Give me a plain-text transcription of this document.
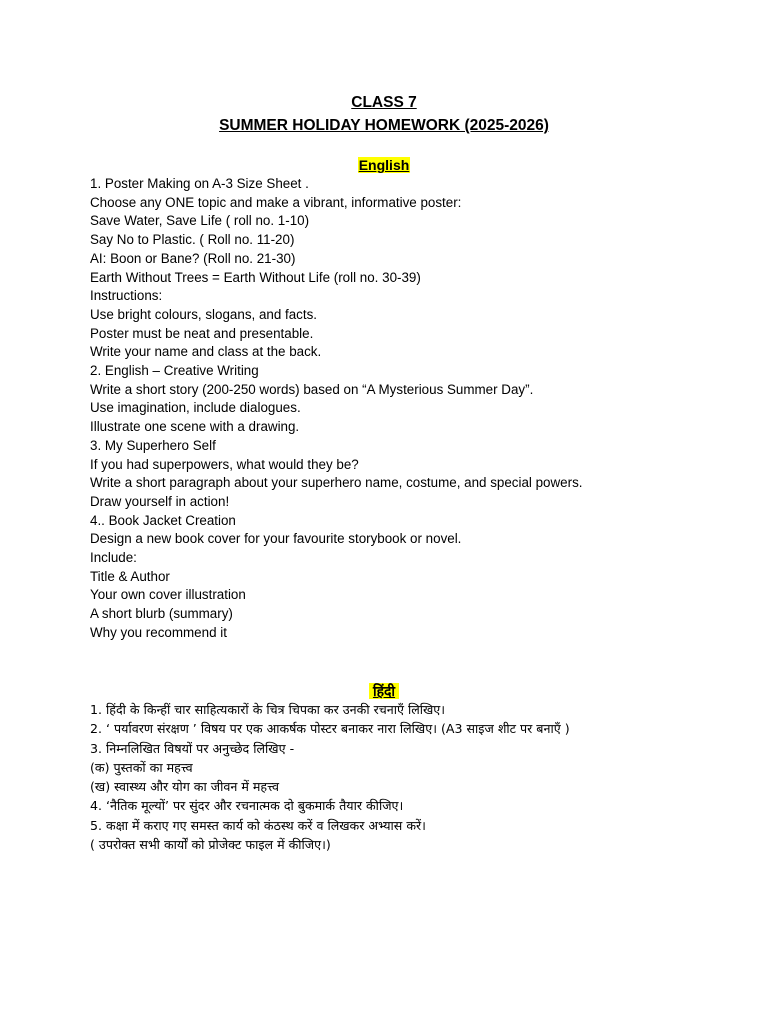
CLASS 7
SUMMER HOLIDAY HOMEWORK (2025-2026)
English
1. Poster Making on A-3 Size Sheet .
Choose any ONE topic and make a vibrant, informative poster:
Save Water, Save Life ( roll no. 1-10)
Say No to Plastic. ( Roll no. 11-20)
AI: Boon or Bane? (Roll no. 21-30)
Earth Without Trees = Earth Without Life (roll no. 30-39)
Instructions:
Use bright colours, slogans, and facts.
Poster must be neat and presentable.
Write your name and class at the back.
2. English – Creative Writing
Write a short story (200-250 words) based on “A Mysterious Summer Day”.
Use imagination, include dialogues.
Illustrate one scene with a drawing.
3. My Superhero Self
If you had superpowers, what would they be?
Write a short paragraph about your superhero name, costume, and special powers.
Draw yourself in action!
4.. Book Jacket Creation
Design a new book cover for your favourite storybook or novel.
Include:
Title & Author
Your own cover illustration
A short blurb (summary)
Why you recommend it
हिंदी
1. हिंदी के किन्हीं चार साहित्यकारों के चित्र चिपका कर उनकी रचनाएँ लिखिए।
2. ‘ पर्यावरण संरक्षण ’ विषय पर एक आकर्षक पोस्टर बनाकर नारा लिखिए। (A3 साइज शीट पर बनाएँ )
3. निम्नलिखित विषयों पर अनुच्छेद लिखिए -
(क) पुस्तकों का महत्त्व
(ख) स्वास्थ्य और योग का जीवन में महत्त्व
4. ‘नैतिक मूल्यों’ पर सुंदर और रचनात्मक दो बुकमार्क तैयार कीजिए।
5. कक्षा में कराए गए समस्त कार्य को कंठस्थ करें व लिखकर अभ्यास करें।
( उपरोक्त सभी कार्यों को प्रोजेक्ट फाइल में कीजिए।)
